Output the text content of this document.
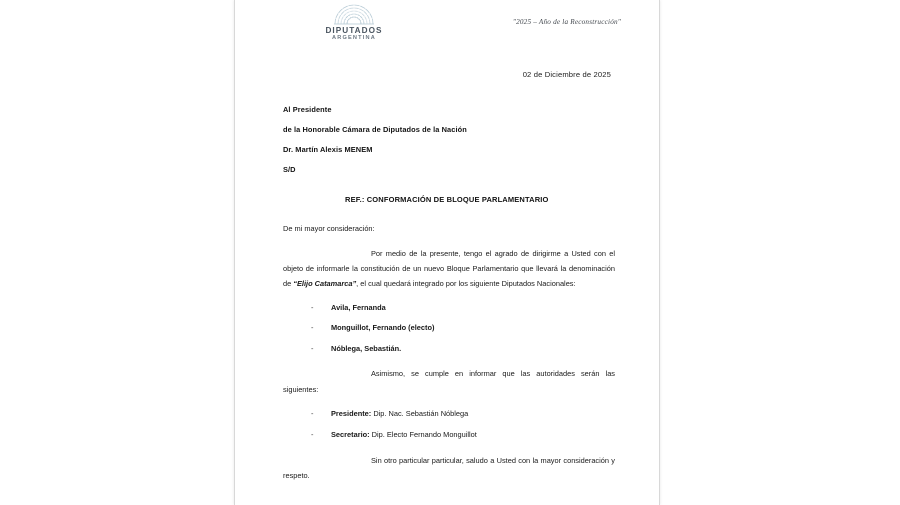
DIPUTADOS
ARGENTINA
"2025 – Año de la Reconstrucción"
02 de Diciembre de 2025
Al Presidente
de la Honorable Cámara de Diputados de la Nación
Dr. Martín Alexis MENEM
S/D
REF.: CONFORMACIÓN DE BLOQUE PARLAMENTARIO
De mi mayor consideración:

Por medio de la presente, tengo el agrado de dirigirme a Usted con el objeto de informarle la constitución de un nuevo Bloque Parlamentario que llevará la denominación de “Elijo Catamarca”, el cual quedará integrado por los siguiente Diputados Nacionales:

- Avila, Fernanda
- Monguillot, Fernando (electo)
- Nóblega, Sebastián.

Asimismo, se cumple en informar que las autoridades serán las siguientes:

- Presidente: Dip. Nac. Sebastián Nóblega
- Secretario: Dip. Electo Fernando Monguillot

Sin otro particular particular, saludo a Usted con la mayor consideración y respeto.
